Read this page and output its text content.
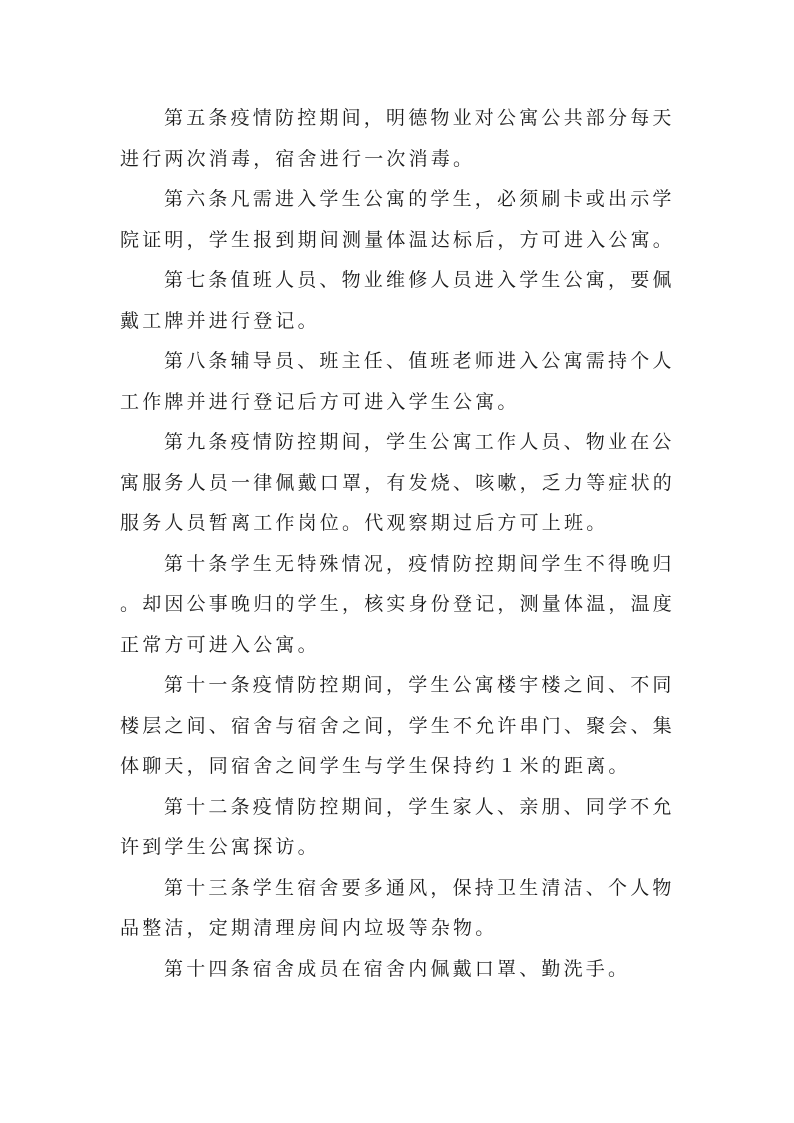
第五条疫情防控期间，明德物业对公寓公共部分每天进行两次消毒，宿舍进行一次消毒。

第六条凡需进入学生公寓的学生，必须刷卡或出示学院证明，学生报到期间测量体温达标后，方可进入公寓。

第七条值班人员、物业维修人员进入学生公寓，要佩戴工牌并进行登记。

第八条辅导员、班主任、值班老师进入公寓需持个人工作牌并进行登记后方可进入学生公寓。

第九条疫情防控期间，学生公寓工作人员、物业在公寓服务人员一律佩戴口罩，有发烧、咳嗽，乏力等症状的服务人员暂离工作岗位。代观察期过后方可上班。

第十条学生无特殊情况，疫情防控期间学生不得晚归。却因公事晚归的学生，核实身份登记，测量体温，温度正常方可进入公寓。

第十一条疫情防控期间，学生公寓楼宇楼之间、不同楼层之间、宿舍与宿舍之间，学生不允许串门、聚会、集体聊天，同宿舍之间学生与学生保持约１米的距离。

第十二条疫情防控期间，学生家人、亲朋、同学不允许到学生公寓探访。

第十三条学生宿舍要多通风，保持卫生清洁、个人物品整洁，定期清理房间内垃圾等杂物。

第十四条宿舍成员在宿舍内佩戴口罩、勤洗手。
